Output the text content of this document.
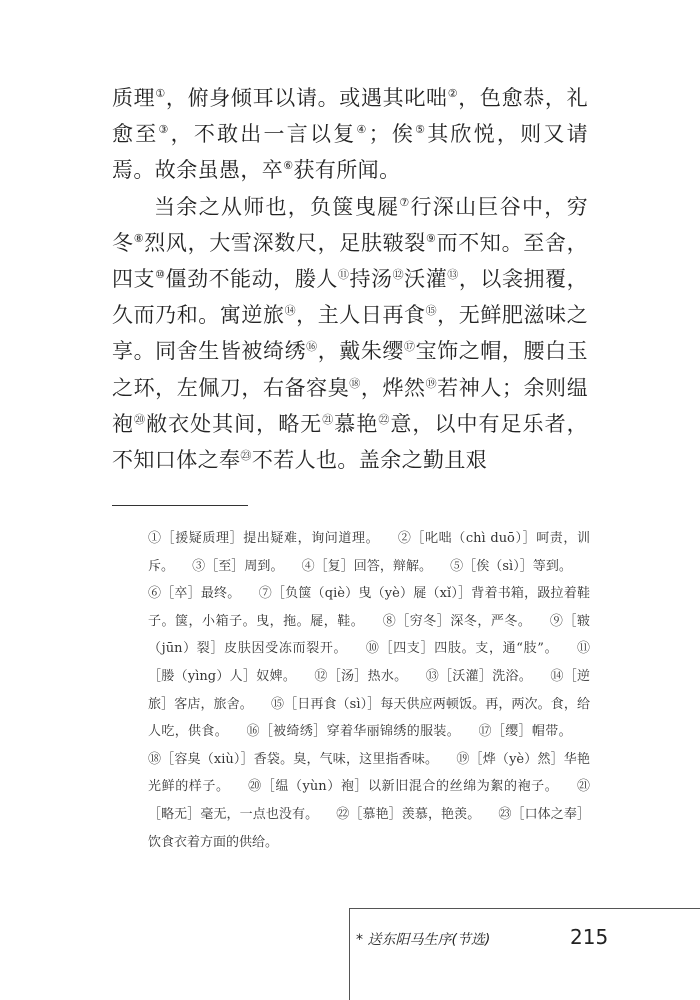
质理①，俯身倾耳以请。或遇其叱咄②，色愈恭，礼愈至③，不敢出一言以复④；俟⑤其欣悦，则又请焉。故余虽愚，卒⑥获有所闻。

当余之从师也，负箧曳屣⑦行深山巨谷中，穷冬⑧烈风，大雪深数尺，足肤皲裂⑨而不知。至舍，四支⑩僵劲不能动，媵人⑪持汤⑫沃灌⑬，以衾拥覆，久而乃和。寓逆旅⑭，主人日再食⑮，无鲜肥滋味之享。同舍生皆被绮绣⑯，戴朱缨⑰宝饰之帽，腰白玉之环，左佩刀，右备容臭⑱，烨然⑲若神人；余则缊袍⑳敝衣处其间，略无$^㉑$慕艳$^㉒$意，以中有足乐者，不知口体之奉$^㉓$不若人也。盖余之勤且艰

①［援疑质理］提出疑难，询问道理。 ②［叱咄（chì duō）］呵责，训斥。 ③［至］周到。 ④［复］回答，辩解。 ⑤［俟（sì）］等到。⑥［卒］最终。 ⑦［负箧（qiè）曳（yè）屣（xǐ）］背着书箱，趿拉着鞋子。箧，小箱子。曳，拖。屣，鞋。 ⑧［穷冬］深冬，严冬。 ⑨［皲（jūn）裂］皮肤因受冻而裂开。 ⑩［四支］四肢。支，通“肢”。 ⑪［媵（yìng）人］奴婢。 ⑫［汤］热水。 ⑬［沃灌］洗浴。 ⑭［逆旅］客店，旅舍。 ⑮［日再食（sì）］每天供应两顿饭。再，两次。食，给人吃，供食。 ⑯［被绮绣］穿着华丽锦绣的服装。 ⑰［缨］帽带。⑱［容臭（xiù）］香袋。臭，气味，这里指香味。 ⑲［烨（yè）然］华艳光鲜的样子。 ⑳［缊（yùn）袍］以新旧混合的丝绵为絮的袍子。 ㉑［略无］毫无，一点也没有。 ㉒［慕艳］羡慕，艳羡。 ㉓［口体之奉］饮食衣着方面的供给。
* 送东阳马生序(节选)	215
